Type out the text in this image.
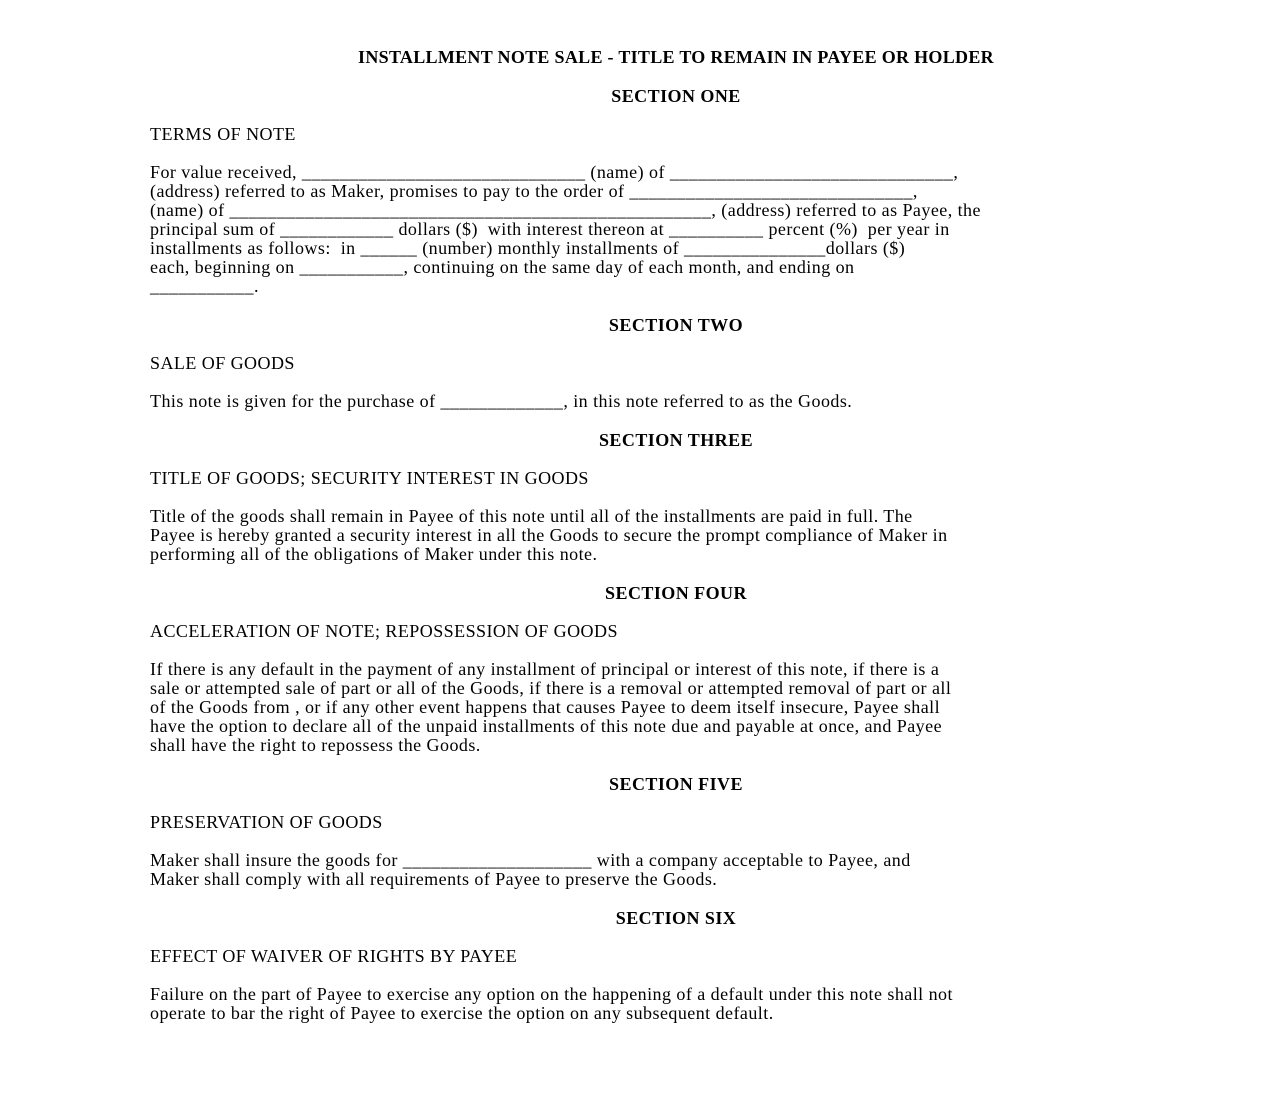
INSTALLMENT NOTE SALE - TITLE TO REMAIN IN PAYEE OR HOLDER
SECTION ONE
TERMS OF NOTE
For value received, ______________________________ (name) of ______________________________,
(address) referred to as Maker, promises to pay to the order of ______________________________,
(name) of ___________________________________________________, (address) referred to as Payee, the
principal sum of ____________ dollars ($)  with interest thereon at __________ percent (%)  per year in
installments as follows:  in ______ (number) monthly installments of _______________dollars ($)
each, beginning on ___________, continuing on the same day of each month, and ending on
___________.
SECTION TWO
SALE OF GOODS
This note is given for the purchase of _____________, in this note referred to as the Goods.
SECTION THREE
TITLE OF GOODS; SECURITY INTEREST IN GOODS
Title of the goods shall remain in Payee of this note until all of the installments are paid in full. The
Payee is hereby granted a security interest in all the Goods to secure the prompt compliance of Maker in
performing all of the obligations of Maker under this note.
SECTION FOUR
ACCELERATION OF NOTE; REPOSSESSION OF GOODS
If there is any default in the payment of any installment of principal or interest of this note, if there is a
sale or attempted sale of part or all of the Goods, if there is a removal or attempted removal of part or all
of the Goods from , or if any other event happens that causes Payee to deem itself insecure, Payee shall
have the option to declare all of the unpaid installments of this note due and payable at once, and Payee
shall have the right to repossess the Goods.
SECTION FIVE
PRESERVATION OF GOODS
Maker shall insure the goods for ____________________ with a company acceptable to Payee, and
Maker shall comply with all requirements of Payee to preserve the Goods.
SECTION SIX
EFFECT OF WAIVER OF RIGHTS BY PAYEE
Failure on the part of Payee to exercise any option on the happening of a default under this note shall not
operate to bar the right of Payee to exercise the option on any subsequent default.
